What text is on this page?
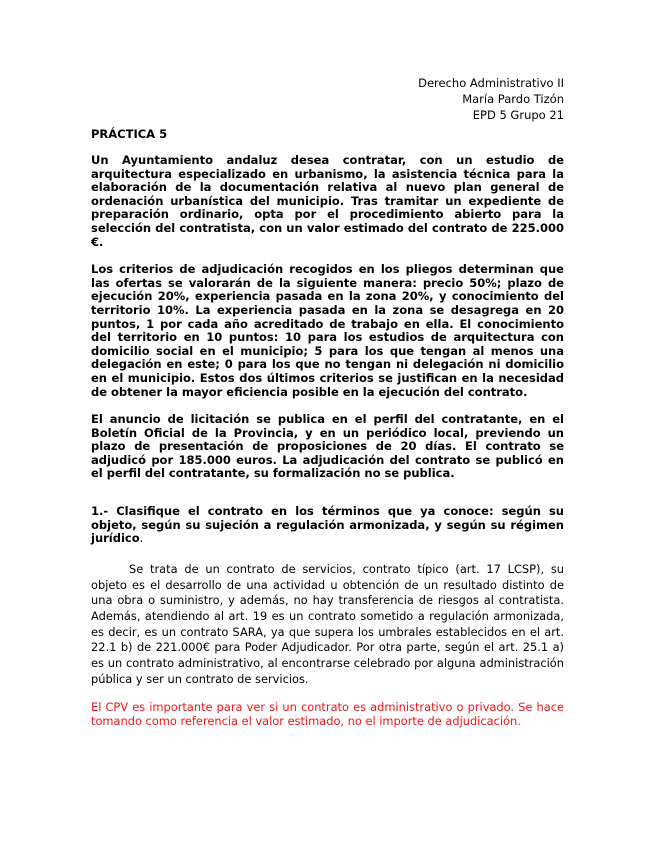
Derecho Administrativo II
María Pardo Tizón
EPD 5 Grupo 21
PRÁCTICA 5

Un Ayuntamiento andaluz desea contratar, con un estudio de arquitectura especializado en urbanismo, la asistencia técnica para la elaboración de la documentación relativa al nuevo plan general de ordenación urbanística del municipio. Tras tramitar un expediente de preparación ordinario, opta por el procedimiento abierto para la selección del contratista, con un valor estimado del contrato de 225.000 €.

Los criterios de adjudicación recogidos en los pliegos determinan que las ofertas se valorarán de la siguiente manera: precio 50%; plazo de ejecución 20%, experiencia pasada en la zona 20%, y conocimiento del territorio 10%. La experiencia pasada en la zona se desagrega en 20 puntos, 1 por cada año acreditado de trabajo en ella. El conocimiento del territorio en 10 puntos: 10 para los estudios de arquitectura con domicilio social en el municipio; 5 para los que tengan al menos una delegación en este; 0 para los que no tengan ni delegación ni domicilio en el municipio. Estos dos últimos criterios se justifican en la necesidad de obtener la mayor eficiencia posible en la ejecución del contrato.

El anuncio de licitación se publica en el perfil del contratante, en el Boletín Oficial de la Provincia, y en un periódico local, previendo un plazo de presentación de proposiciones de 20 días. El contrato se adjudicó por 185.000 euros. La adjudicación del contrato se publicó en el perfil del contratante, su formalización no se publica.

1.- Clasifique el contrato en los términos que ya conoce: según su objeto, según su sujeción a regulación armonizada, y según su régimen jurídico.
Se trata de un contrato de servicios, contrato típico (art. 17 LCSP), su objeto es el desarrollo de una actividad u obtención de un resultado distinto de una obra o suministro, y además, no hay transferencia de riesgos al contratista. Además, atendiendo al art. 19 es un contrato sometido a regulación armonizada, es decir, es un contrato SARA, ya que supera los umbrales establecidos en el art. 22.1 b) de 221.000€ para Poder Adjudicador. Por otra parte, según el art. 25.1 a) es un contrato administrativo, al encontrarse celebrado por alguna administración pública y ser un contrato de servicios.
El CPV es importante para ver si un contrato es administrativo o privado. Se hace tomando como referencia el valor estimado, no el importe de adjudicación.
